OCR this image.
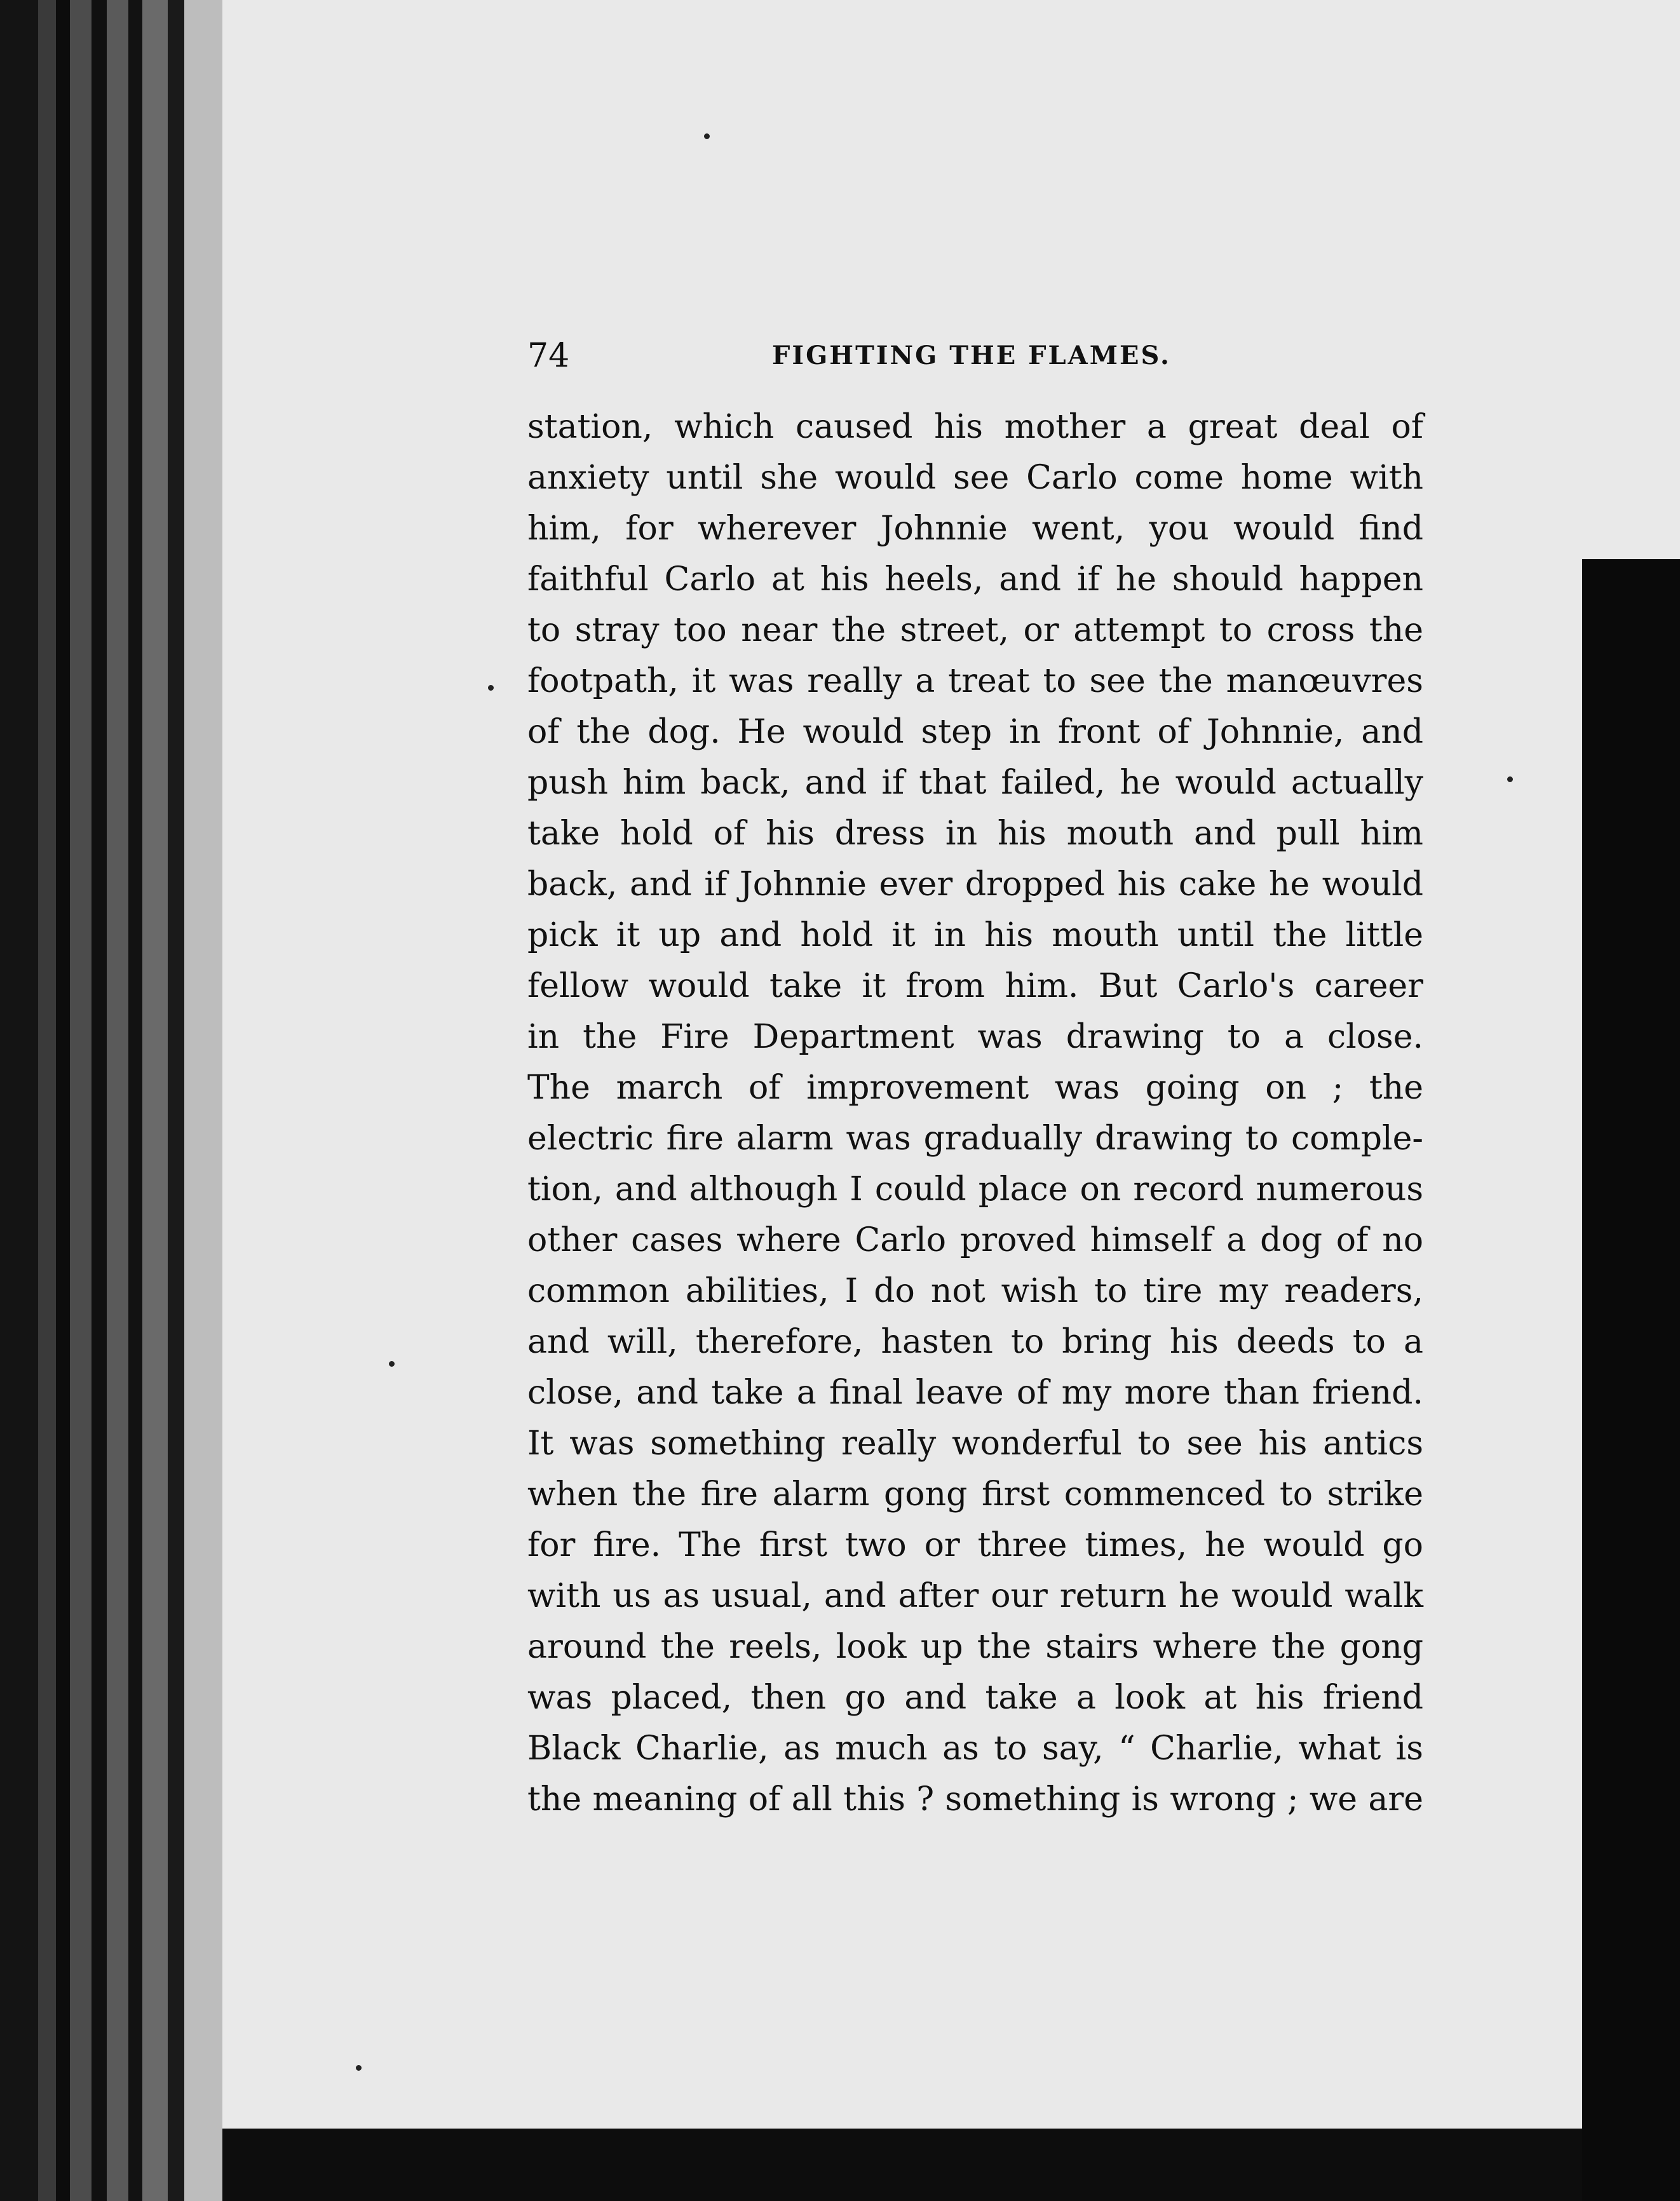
74	FIGHTING THE FLAMES.
station, which caused his mother a great deal of
anxiety until she would see Carlo come home with
him, for wherever Johnnie went, you would find
faithful Carlo at his heels, and if he should happen
to stray too near the street, or attempt to cross the
footpath, it was really a treat to see the manœuvres
of the dog. He would step in front of Johnnie, and
push him back, and if that failed, he would actually
take hold of his dress in his mouth and pull him
back, and if Johnnie ever dropped his cake he would
pick it up and hold it in his mouth until the little
fellow would take it from him. But Carlo's career
in the Fire Department was drawing to a close.
The march of improvement was going on ; the
electric fire alarm was gradually drawing to comple-
tion, and although I could place on record numerous
other cases where Carlo proved himself a dog of no
common abilities, I do not wish to tire my readers,
and will, therefore, hasten to bring his deeds to a
close, and take a final leave of my more than friend.
It was something really wonderful to see his antics
when the fire alarm gong first commenced to strike
for fire. The first two or three times, he would go
with us as usual, and after our return he would walk
around the reels, look up the stairs where the gong
was placed, then go and take a look at his friend
Black Charlie, as much as to say, “ Charlie, what is
the meaning of all this ? something is wrong ; we are
